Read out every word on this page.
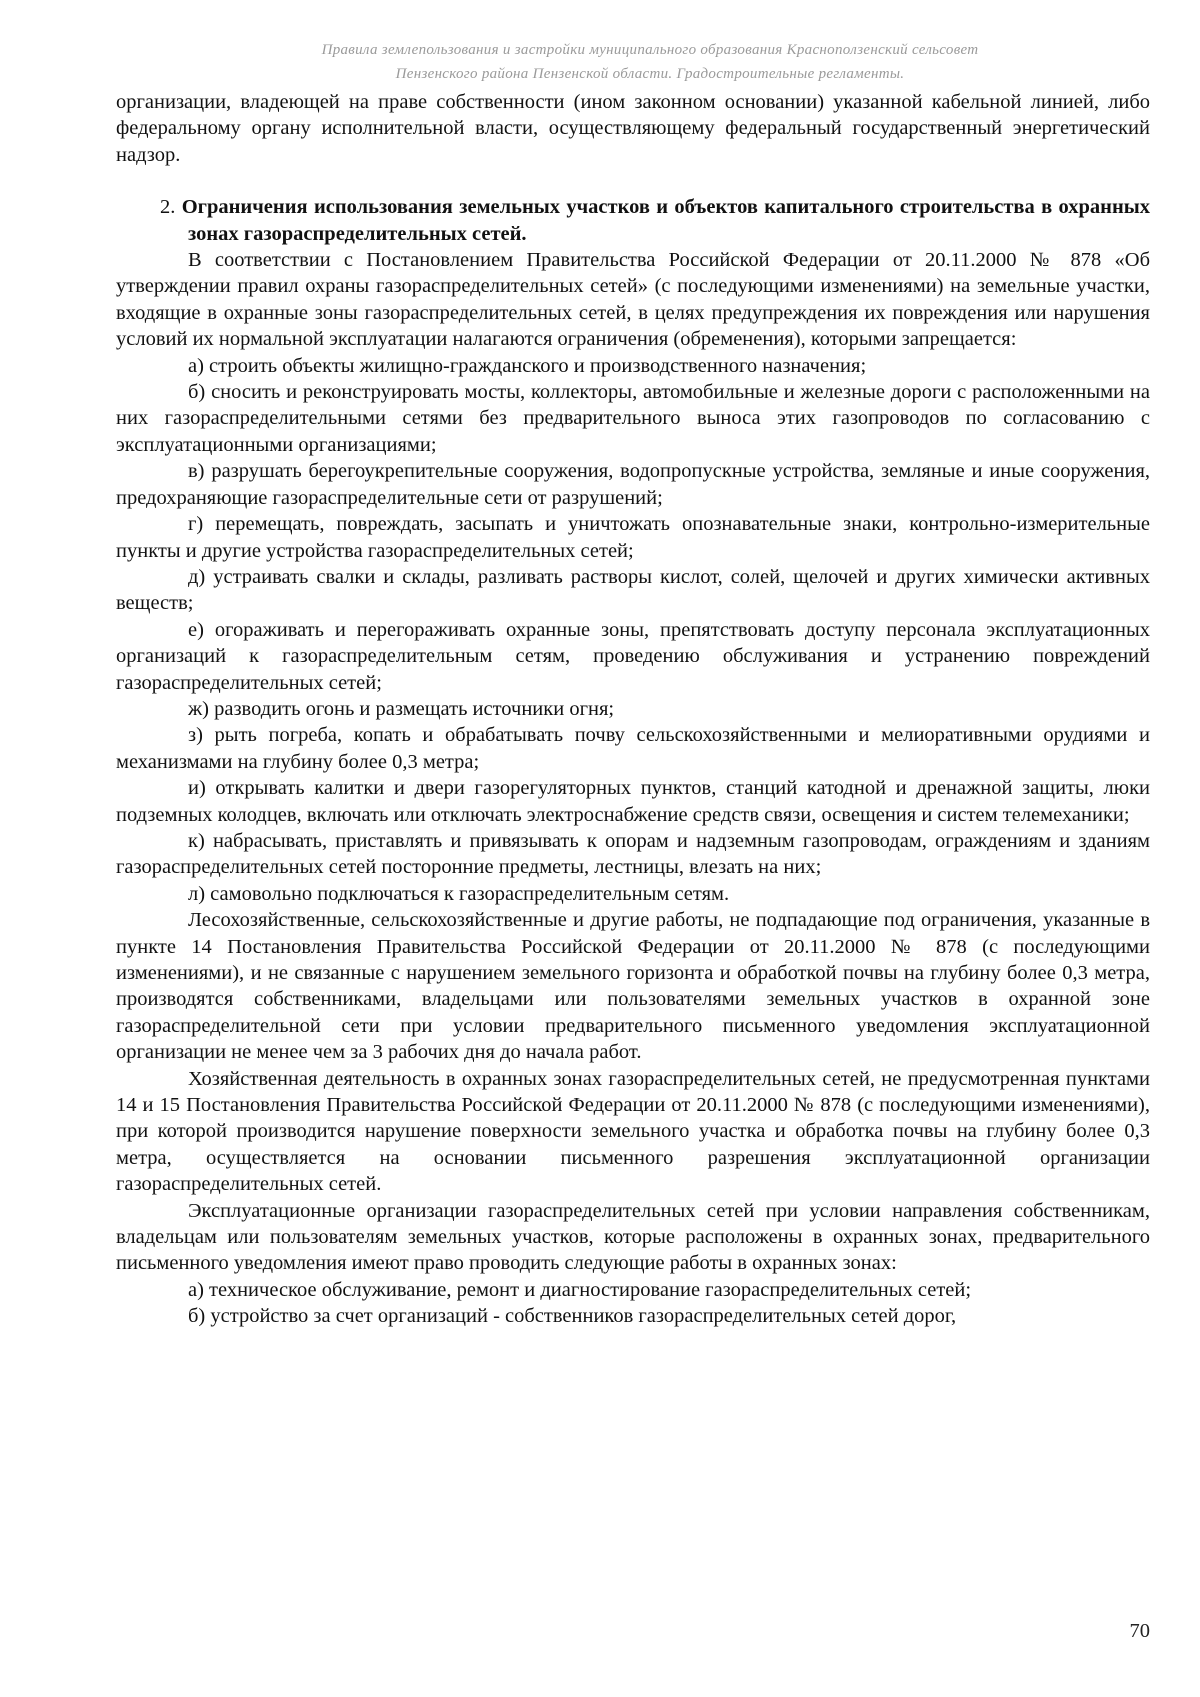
Правила землепользования и застройки муниципального образования Красноползенский сельсовет
Пензенского района Пензенской области. Градостроительные регламенты.

организации, владеющей на праве собственности (ином законном основании) указанной кабельной линией, либо федеральному органу исполнительной власти, осуществляющему федеральный государственный энергетический надзор.

2. Ограничения использования земельных участков и объектов капитального строительства в охранных зонах газораспределительных сетей.

В соответствии с Постановлением Правительства Российской Федерации от 20.11.2000 № 878 «Об утверждении правил охраны газораспределительных сетей» (с последующими изменениями) на земельные участки, входящие в охранные зоны газораспределительных сетей, в целях предупреждения их повреждения или нарушения условий их нормальной эксплуатации налагаются ограничения (обременения), которыми запрещается:

а) строить объекты жилищно-гражданского и производственного назначения;

б) сносить и реконструировать мосты, коллекторы, автомобильные и железные дороги с расположенными на них газораспределительными сетями без предварительного выноса этих газопроводов по согласованию с эксплуатационными организациями;

в) разрушать берегоукрепительные сооружения, водопропускные устройства, земляные и иные сооружения, предохраняющие газораспределительные сети от разрушений;

г) перемещать, повреждать, засыпать и уничтожать опознавательные знаки, контрольно-измерительные пункты и другие устройства газораспределительных сетей;

д) устраивать свалки и склады, разливать растворы кислот, солей, щелочей и других химически активных веществ;

е) огораживать и перегораживать охранные зоны, препятствовать доступу персонала эксплуатационных организаций к газораспределительным сетям, проведению обслуживания и устранению повреждений газораспределительных сетей;

ж) разводить огонь и размещать источники огня;

з) рыть погреба, копать и обрабатывать почву сельскохозяйственными и мелиоративными орудиями и механизмами на глубину более 0,3 метра;

и) открывать калитки и двери газорегуляторных пунктов, станций катодной и дренажной защиты, люки подземных колодцев, включать или отключать электроснабжение средств связи, освещения и систем телемеханики;

к) набрасывать, приставлять и привязывать к опорам и надземным газопроводам, ограждениям и зданиям газораспределительных сетей посторонние предметы, лестницы, влезать на них;

л) самовольно подключаться к газораспределительным сетям.

Лесохозяйственные, сельскохозяйственные и другие работы, не подпадающие под ограничения, указанные в пункте 14 Постановления Правительства Российской Федерации от 20.11.2000 № 878 (с последующими изменениями), и не связанные с нарушением земельного горизонта и обработкой почвы на глубину более 0,3 метра, производятся собственниками, владельцами или пользователями земельных участков в охранной зоне газораспределительной сети при условии предварительного письменного уведомления эксплуатационной организации не менее чем за 3 рабочих дня до начала работ.

Хозяйственная деятельность в охранных зонах газораспределительных сетей, не предусмотренная пунктами 14 и 15 Постановления Правительства Российской Федерации от 20.11.2000 № 878 (с последующими изменениями), при которой производится нарушение поверхности земельного участка и обработка почвы на глубину более 0,3 метра, осуществляется на основании письменного разрешения эксплуатационной организации газораспределительных сетей.

Эксплуатационные организации газораспределительных сетей при условии направления собственникам, владельцам или пользователям земельных участков, которые расположены в охранных зонах, предварительного письменного уведомления имеют право проводить следующие работы в охранных зонах:

а) техническое обслуживание, ремонт и диагностирование газораспределительных сетей;

б) устройство за счет организаций - собственников газораспределительных сетей дорог,

70
